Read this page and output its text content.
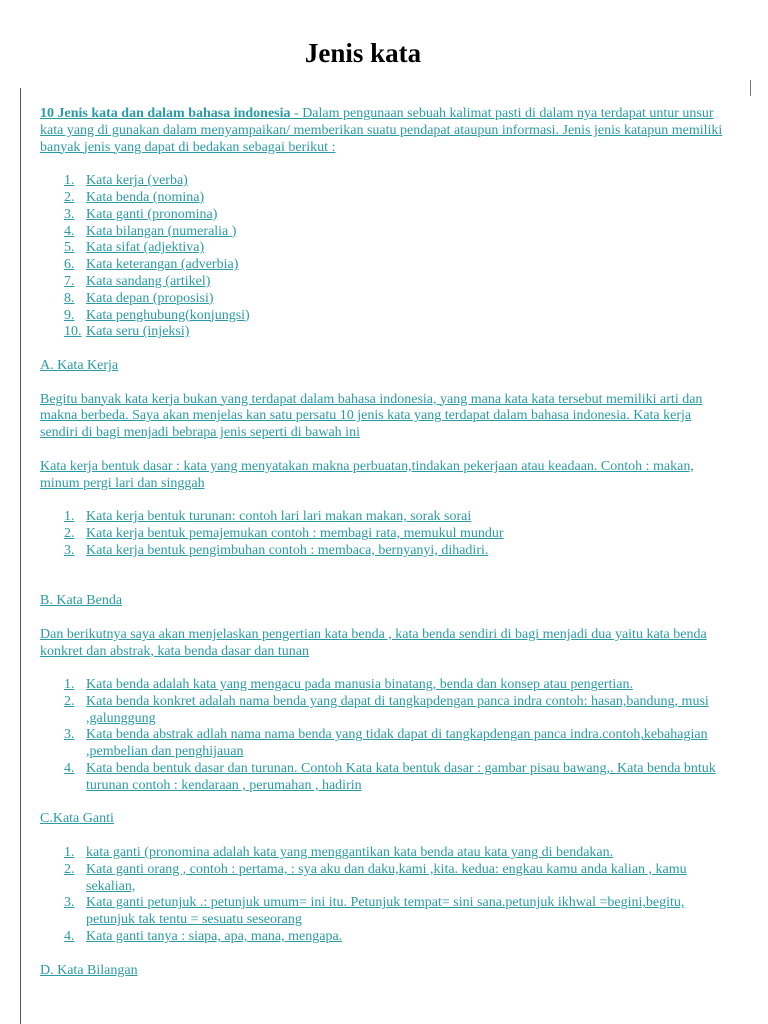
Jenis kata

10 Jenis kata dan dalam bahasa indonesia - Dalam pengunaan sebuah kalimat pasti di dalam nya terdapat untur unsur kata yang di gunakan dalam menyampaikan/ memberikan suatu pendapat ataupun informasi. Jenis jenis katapun memiliki banyak jenis yang dapat di bedakan sebagai berikut :

1. Kata kerja (verba)
2. Kata benda (nomina)
3. Kata ganti (pronomina)
4. Kata bilangan (numeralia )
5. Kata sifat (adjektiva)
6. Kata keterangan (adverbia)
7. Kata sandang (artikel)
8. Kata depan (proposisi)
9. Kata penghubung(konjungsi)
10. Kata seru (injeksi)

A. Kata Kerja

Begitu banyak kata kerja bukan yang terdapat dalam bahasa indonesia, yang mana kata kata tersebut memiliki arti dan makna berbeda. Saya akan menjelas kan satu persatu 10 jenis kata yang terdapat dalam bahasa indonesia. Kata kerja sendiri di bagi menjadi bebrapa jenis seperti di bawah ini

Kata kerja bentuk dasar : kata yang menyatakan makna perbuatan,tindakan pekerjaan atau keadaan. Contoh : makan, minum pergi lari dan singgah

1. Kata kerja bentuk turunan: contoh lari lari makan makan, sorak sorai
2. Kata kerja bentuk pemajemukan contoh : membagi rata, memukul mundur
3. Kata kerja bentuk pengimbuhan contoh : membaca, bernyanyi, dihadiri.

B. Kata Benda

Dan berikutnya saya akan menjelaskan pengertian kata benda , kata benda sendiri di bagi menjadi dua yaitu kata benda konkret dan abstrak, kata benda dasar dan tunan

1. Kata benda adalah kata yang mengacu pada manusia binatang, benda dan konsep atau pengertian.
2. Kata benda konkret adalah nama benda yang dapat di tangkapdengan panca indra contoh: hasan,bandung, musi ,galunggung
3. Kata benda abstrak adlah nama nama benda yang tidak dapat di tangkapdengan panca indra.contoh,kebahagian ,pembelian dan penghijauan
4. Kata benda bentuk dasar dan turunan. Contoh Kata kata bentuk dasar : gambar pisau bawang,. Kata benda bntuk turunan contoh : kendaraan , perumahan , hadirin

C.Kata Ganti

1. kata ganti (pronomina adalah kata yang menggantikan kata benda atau kata yang di bendakan.
2. Kata ganti orang , contoh : pertama, : sya aku dan daku,kami ,kita. kedua: engkau kamu anda kalian , kamu sekalian,
3. Kata ganti petunjuk .: petunjuk umum= ini itu. Petunjuk tempat= sini sana.petunjuk ikhwal =begini,begitu, petunjuk tak tentu = sesuatu seseorang
4. Kata ganti tanya : siapa, apa, mana, mengapa.

D. Kata Bilangan
